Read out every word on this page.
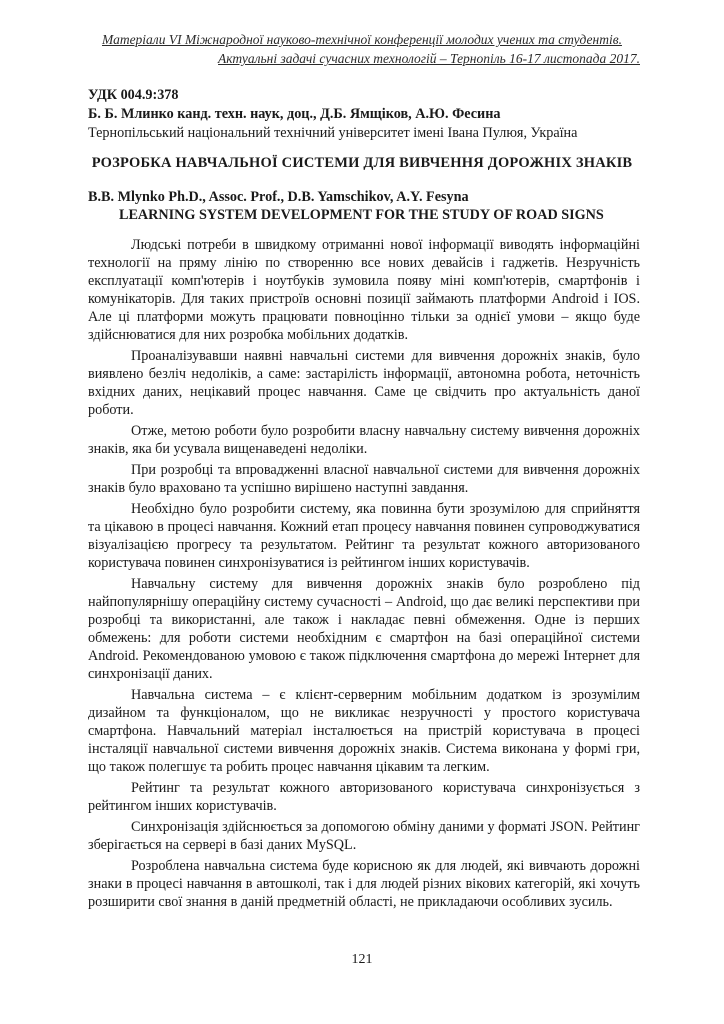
Матеріали VI Міжнародної науково-технічної конференції молодих учених та студентів.
Актуальні задачі сучасних технологій – Тернопіль 16-17 листопада 2017.
УДК 004.9:378
Б. Б. Млинко канд. техн. наук, доц., Д.Б. Ямщіков, А.Ю. Фесина
Тернопільський національний технічний університет імені Івана Пулюя, Україна
РОЗРОБКА НАВЧАЛЬНОЇ СИСТЕМИ ДЛЯ ВИВЧЕННЯ ДОРОЖНІХ ЗНАКІВ
B.B. Mlynko Ph.D., Assoc. Prof., D.B. Yamschikov, A.Y. Fesyna
LEARNING SYSTEM DEVELOPMENT FOR THE STUDY OF ROAD SIGNS

Людські потреби в швидкому отриманні нової інформації виводять інформаційні технології на пряму лінію по створенню все нових девайсів і гаджетів. Незручність експлуатації комп'ютерів і ноутбуків зумовила появу міні комп'ютерів, смартфонів і комунікаторів. Для таких пристроїв основні позиції займають платформи Android і IOS. Але ці платформи можуть працювати повноцінно тільки за однієї умови – якщо буде здійснюватися для них розробка мобільних додатків.

Проаналізувавши наявні навчальні системи для вивчення дорожніх знаків, було виявлено безліч недоліків, а саме: застарілість інформації, автономна робота, неточність вхідних даних, нецікавий процес навчання. Саме це свідчить про актуальність даної роботи.

Отже, метою роботи було розробити власну навчальну систему вивчення дорожніх знаків, яка би усувала вищенаведені недоліки.

При розробці та впровадженні власної навчальної системи для вивчення дорожніх знаків було враховано та успішно вирішено наступні завдання.

Необхідно було розробити систему, яка повинна бути зрозумілою для сприйняття та цікавою в процесі навчання. Кожний етап процесу навчання повинен супроводжуватися візуалізацією прогресу та результатом. Рейтинг та результат кожного авторизованого користувача повинен синхронізуватися із рейтингом інших користувачів.

Навчальну систему для вивчення дорожніх знаків було розроблено під найпопулярнішу операційну систему сучасності – Android, що дає великі перспективи при розробці та використанні, але також і накладає певні обмеження. Одне із перших обмежень: для роботи системи необхідним є смартфон на базі операційної системи Android. Рекомендованою умовою є також підключення смартфона до мережі Інтернет для синхронізації даних.

Навчальна система – є клієнт-серверним мобільним додатком із зрозумілим дизайном та функціоналом, що не викликає незручності у простого користувача смартфона. Навчальний матеріал інсталюється на пристрій користувача в процесі інсталяції навчальної системи вивчення дорожніх знаків. Система виконана у формі гри, що також полегшує та робить процес навчання цікавим та легким.

Рейтинг та результат кожного авторизованого користувача синхронізується з рейтингом інших користувачів.

Синхронізація здійснюється за допомогою обміну даними у форматі JSON. Рейтинг зберігається на сервері в базі даних MySQL.

Розроблена навчальна система буде корисною як для людей, які вивчають дорожні знаки в процесі навчання в автошколі, так і для людей різних вікових категорій, які хочуть розширити свої знання в даній предметній області, не прикладаючи особливих зусиль.

121
